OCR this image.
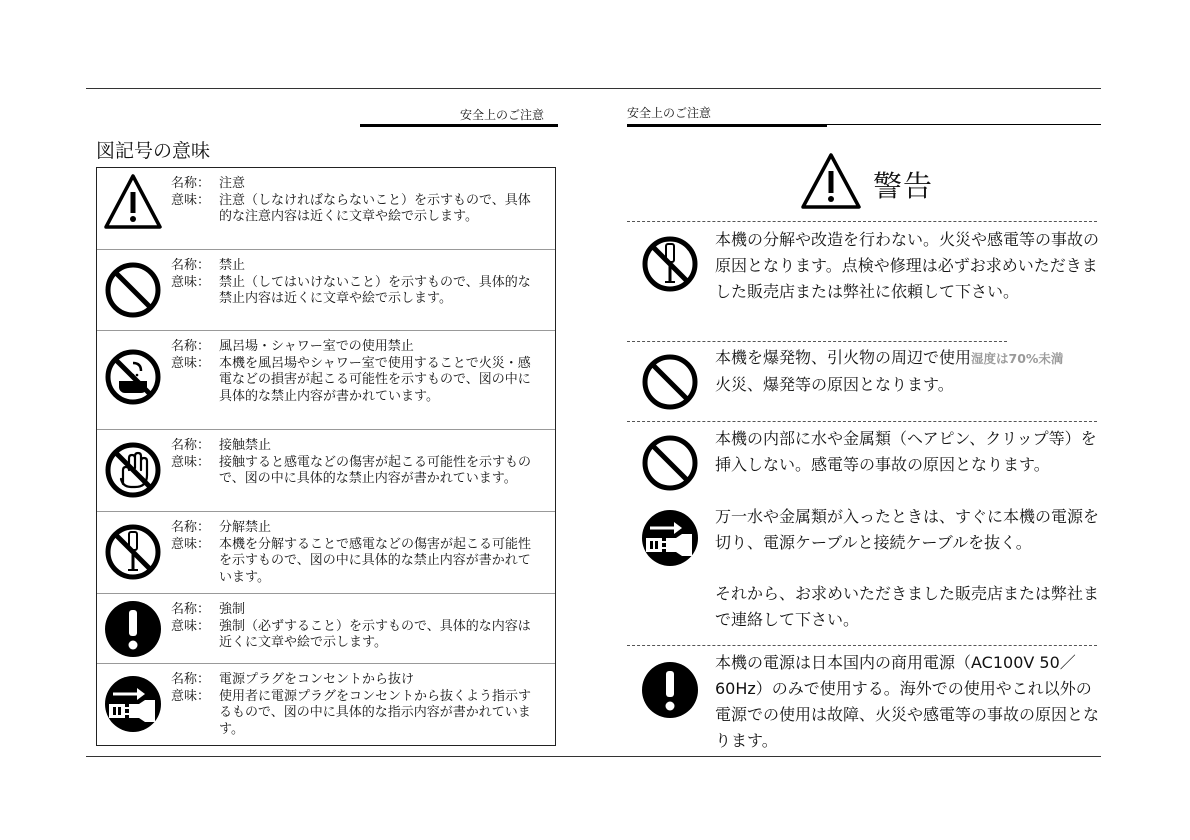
安全上のご注意
図記号の意味
名称： 注意
意味： 注意（しなければならないこと）を示すもので、具体的な注意内容は近くに文章や絵で示します。
名称： 禁止
意味： 禁止（してはいけないこと）を示すもので、具体的な禁止内容は近くに文章や絵で示します。
名称： 風呂場・シャワー室での使用禁止
意味： 本機を風呂場やシャワー室で使用することで火災・感電などの損害が起こる可能性を示すもので、図の中に具体的な禁止内容が書かれています。
名称： 接触禁止
意味： 接触すると感電などの傷害が起こる可能性を示すもので、図の中に具体的な禁止内容が書かれています。
名称： 分解禁止
意味： 本機を分解することで感電などの傷害が起こる可能性を示すもので、図の中に具体的な禁止内容が書かれています。
名称： 強制
意味： 強制（必ずすること）を示すもので、具体的な内容は近くに文章や絵で示します。
名称： 電源プラグをコンセントから抜け
意味： 使用者に電源プラグをコンセントから抜くよう指示するもので、図の中に具体的な指示内容が書かれています。
安全上のご注意
警告
本機の分解や改造を行わない。火災や感電等の事故の原因となります。点検や修理は必ずお求めいただきました販売店または弊社に依頼して下さい。
本機を爆発物、引火物の周辺で使用湿度は70%未満
火災、爆発等の原因となります。
本機の内部に水や金属類（ヘアピン、クリップ等）を挿入しない。感電等の事故の原因となります。
万一水や金属類が入ったときは、すぐに本機の電源を切り、電源ケーブルと接続ケーブルを抜く。
それから、お求めいただきました販売店または弊社まで連絡して下さい。
本機の電源は日本国内の商用電源（AC100V 50／60Hz）のみで使用する。海外での使用やこれ以外の電源での使用は故障、火災や感電等の事故の原因となります。
